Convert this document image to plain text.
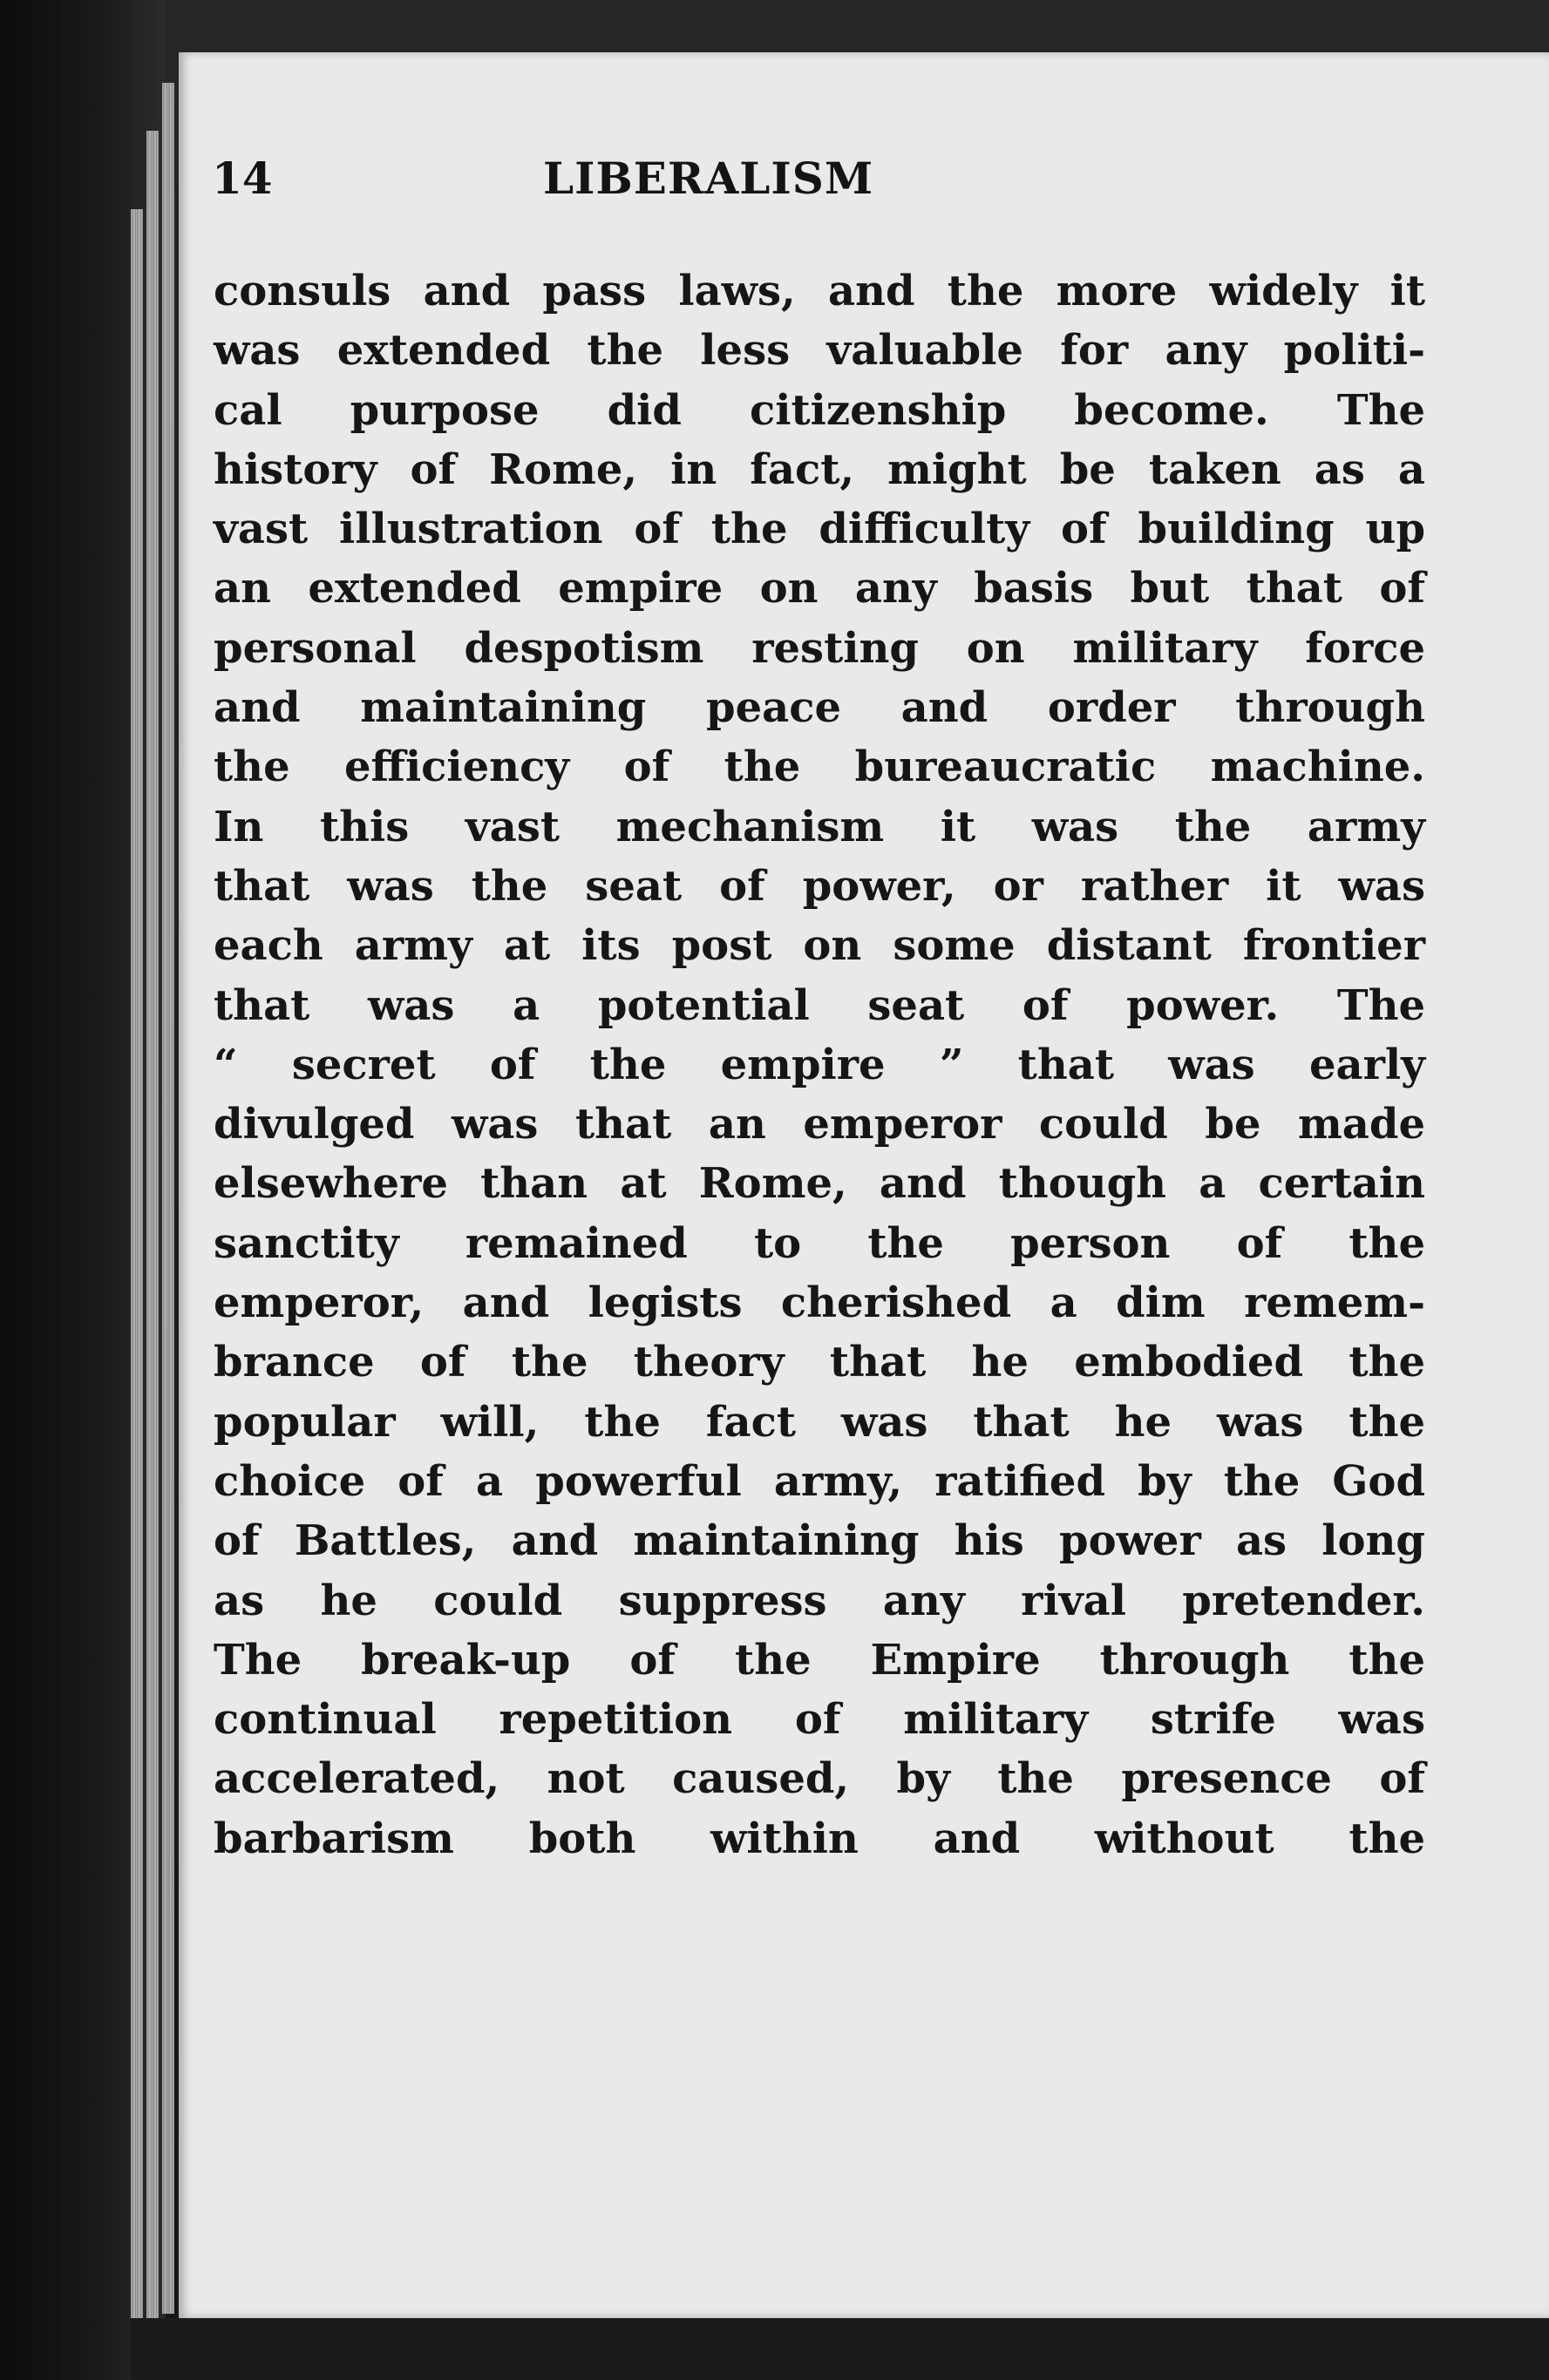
14	LIBERALISM
consuls and pass laws, and the more widely it
was extended the less valuable for any politi-
cal purpose did citizenship become. The
history of Rome, in fact, might be taken as a
vast illustration of the difficulty of building up
an extended empire on any basis but that of
personal despotism resting on military force
and maintaining peace and order through
the efficiency of the bureaucratic machine.
In this vast mechanism it was the army
that was the seat of power, or rather it was
each army at its post on some distant frontier
that was a potential seat of power. The
“ secret of the empire ” that was early
divulged was that an emperor could be made
elsewhere than at Rome, and though a certain
sanctity remained to the person of the
emperor, and legists cherished a dim remem-
brance of the theory that he embodied the
popular will, the fact was that he was the
choice of a powerful army, ratified by the God
of Battles, and maintaining his power as long
as he could suppress any rival pretender.
The break-up of the Empire through the
continual repetition of military strife was
accelerated, not caused, by the presence of
barbarism both within and without the
